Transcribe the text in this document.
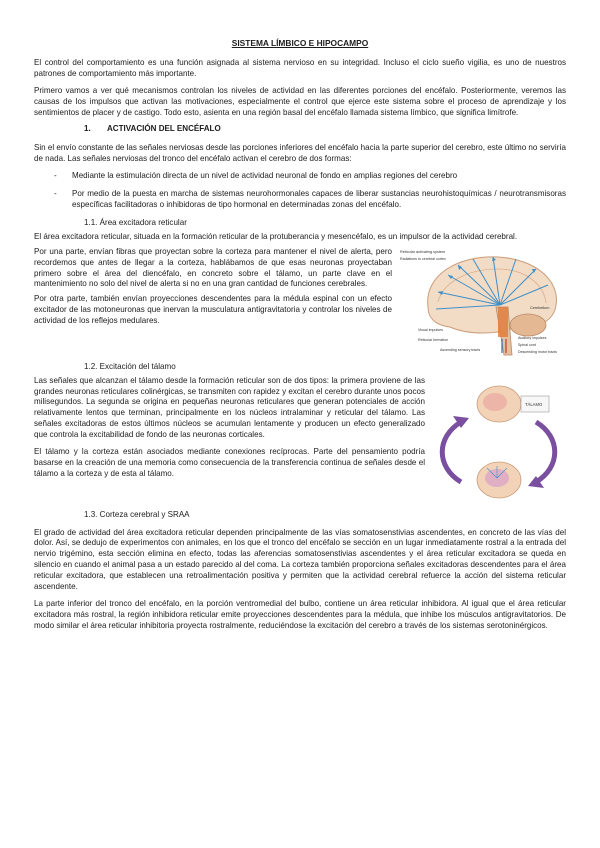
SISTEMA LÍMBICO E HIPOCAMPO

El control del comportamiento es una función asignada al sistema nervioso en su integridad. Incluso el ciclo sueño vigilia, es uno de nuestros patrones de comportamiento más importante.

Primero vamos a ver qué mecanismos controlan los niveles de actividad en las diferentes porciones del encéfalo. Posteriormente, veremos las causas de los impulsos que activan las motivaciones, especialmente el control que ejerce este sistema sobre el proceso de aprendizaje y los sentimientos de placer y de castigo. Todo esto, asienta en una región basal del encéfalo llamada sistema límbico, que significa limítrofe.

1. ACTIVACIÓN DEL ENCÉFALO

Sin el envío constante de las señales nerviosas desde las porciones inferiores del encéfalo hacia la parte superior del cerebro, este último no serviría de nada. Las señales nerviosas del tronco del encéfalo activan el cerebro de dos formas:

- Mediante la estimulación directa de un nivel de actividad neuronal de fondo en amplias regiones del cerebro
- Por medio de la puesta en marcha de sistemas neurohormonales capaces de liberar sustancias neurohistoquímicas / neurotransmisoras específicas facilitadoras o inhibidoras de tipo hormonal en determinadas zonas del encéfalo.
1.1. Área excitadora reticular

El área excitadora reticular, situada en la formación reticular de la protuberancia y mesencéfalo, es un impulsor de la actividad cerebral.

Reticular activating system
Cerebellum
Auditory impulses
Spinal cord
Descending motor tracts
Ascending sensory tracts
Reticular formation
Radiations to cerebral cortex
Visual impulses

Por una parte, envían fibras que proyectan sobre la corteza para mantener el nivel de alerta, pero recordemos que antes de llegar a la corteza, hablábamos de que esas neuronas proyectaban primero sobre el área del diencéfalo, en concreto sobre el tálamo, un parte clave en el mantenimiento no solo del nivel de alerta si no en una gran cantidad de funciones cerebrales.

Por otra parte, también envían proyecciones descendentes para la médula espinal con un efecto excitador de las motoneuronas que inervan la musculatura antigravitatoria y controlar los niveles de actividad de los reflejos medulares.

1.2. Excitación del tálamo
TÁLAMO

Las señales que alcanzan el tálamo desde la formación reticular son de dos tipos: la primera proviene de las grandes neuronas reticulares colinérgicas, se transmiten con rapidez y excitan el cerebro durante unos pocos milisegundos. La segunda se origina en pequeñas neuronas reticulares que generan potenciales de acción relativamente lentos que terminan, principalmente en los núcleos intralaminar y reticular del tálamo. Las señales excitadoras de estos últimos núcleos se acumulan lentamente y producen un efecto generalizado que controla la excitabilidad de fondo de las neuronas corticales.

El tálamo y la corteza están asociados mediante conexiones recíprocas. Parte del pensamiento podría basarse en la creación de una memoria como consecuencia de la transferencia continua de señales desde el tálamo a la corteza y de esta al tálamo.

1.3. Corteza cerebral y SRAA

El grado de actividad del área excitadora reticular dependen principalmente de las vías somatosenstivias ascendentes, en concreto de las vías del dolor. Así, se dedujo de experimentos con animales, en los que el tronco del encéfalo se sección en un lugar inmediatamente rostral a la entrada del nervio trigémino, esta sección elimina en efecto, todas las aferencias somatosenstivias ascendentes y el área reticular excitadora se queda en silencio en cuando el animal pasa a un estado parecido al del coma. La corteza también proporciona señales excitadoras descendentes para el área reticular excitadora, que establecen una retroalimentación positiva y permiten que la actividad cerebral refuerce la acción del sistema reticular ascendente.

La parte inferior del tronco del encéfalo, en la porción ventromedial del bulbo, contiene un área reticular inhibidora. Al igual que el área reticular excitadora más rostral, la región inhibidora reticular emite proyecciones descendentes para la médula, que inhibe los músculos antigravitatorios. De modo similar el área reticular inhibitoria proyecta rostralmente, reduciéndose la excitación del cerebro a través de los sistemas serotoninérgicos.
